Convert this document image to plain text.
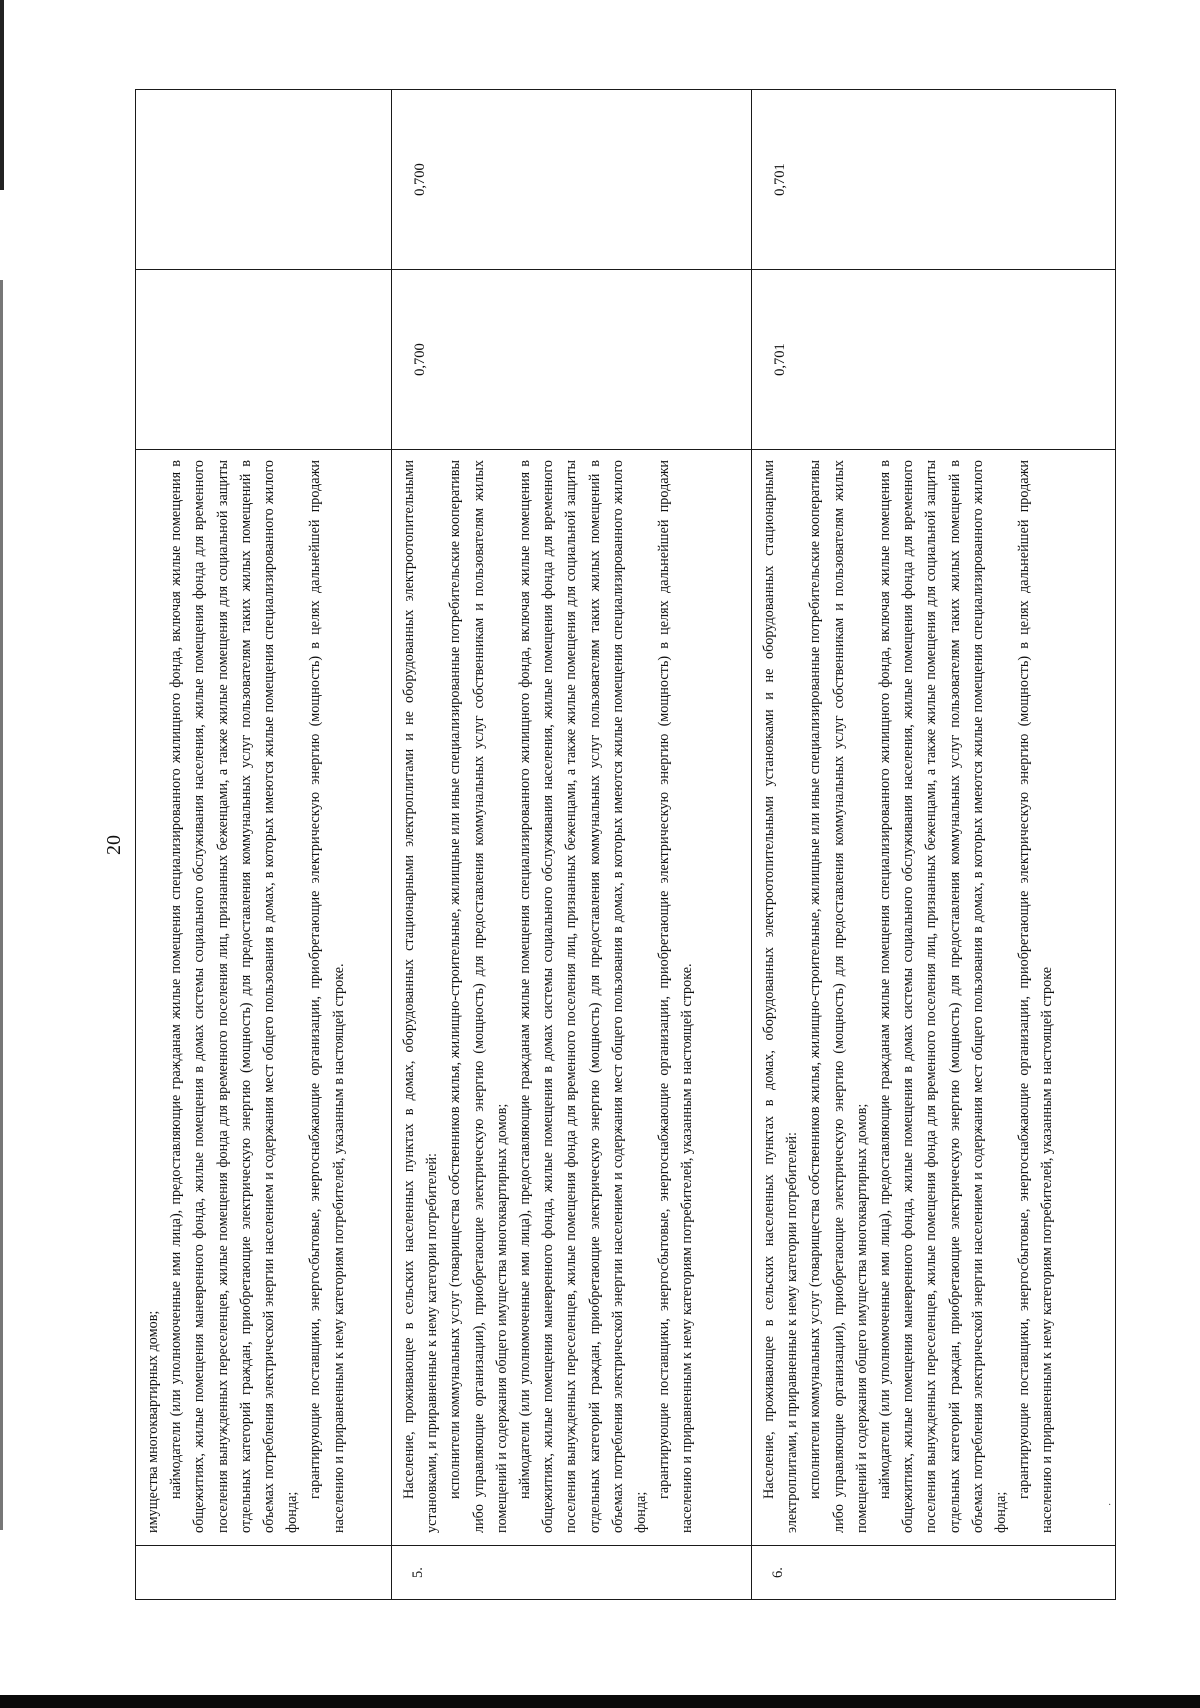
·
20

	имущества многоквартирных домов; наймодатели (или уполномоченные ими лица), предоставляющие гражданам жилые помещения специализированного жилищного фонда, включая жилые помещения в общежитиях, жилые помещения маневренного фонда, жилые помещения в домах системы социального обслуживания населения, жилые помещения фонда для временного поселения вынужденных переселенцев, жилые помещения фонда для временного поселения лиц, признанных беженцами, а также жилые помещения для социальной защиты отдельных категорий граждан, приобретающие электрическую энергию (мощность) для предоставления коммунальных услуг пользователям таких жилых помещений в объемах потребления электрической энергии населением и содержания мест общего пользования в домах, в которых имеются жилые помещения специализированного жилого фонда;

гарантирующие поставщики, энергосбытовые, энергоснабжающие организации, приобретающие электрическую энергию (мощность) в целях дальнейшей продажи населению и приравненным к нему категориям потребителей, указанным в настоящей строке.		

5.	Население, проживающее в сельских населенных пунктах в домах, оборудованных стационарными электроплитами и не оборудованных электроотопительными установками, и приравненные к нему категории потребителей: исполнители коммунальных услуг (товарищества собственников жилья, жилищно-строительные, жилищные или иные специализированные потребительские кооперативы либо управляющие организации), приобретающие электрическую энергию (мощность) для предоставления коммунальных услуг собственникам и пользователям жилых помещений и содержания общего имущества многоквартирных домов; наймодатели (или уполномоченные ими лица), предоставляющие гражданам жилые помещения специализированного жилищного фонда, включая жилые помещения в общежитиях, жилые помещения маневренного фонда, жилые помещения в домах системы социального обслуживания населения, жилые помещения фонда для временного поселения вынужденных переселенцев, жилые помещения фонда для временного поселения лиц, признанных беженцами, а также жилые помещения для социальной защиты отдельных категорий граждан, приобретающие электрическую энергию (мощность) для предоставления коммунальных услуг пользователям таких жилых помещений в объемах потребления электрической энергии населением и содержания мест общего пользования в домах, в которых имеются жилые помещения специализированного жилого фонда;

гарантирующие поставщики, энергосбытовые, энергоснабжающие организации, приобретающие электрическую энергию (мощность) в целях дальнейшей продажи населению и приравненным к нему категориям потребителей, указанным в настоящей строке.	0,700	0,700
6.	Население, проживающее в сельских населенных пунктах в домах, оборудованных электроотопительными установками и не оборудованных стационарными электроплитами, и приравненные к нему категории потребителей: исполнители коммунальных услуг (товарищества собственников жилья, жилищно-строительные, жилищные или иные специализированные потребительские кооперативы либо управляющие организации), приобретающие электрическую энергию (мощность) для предоставления коммунальных услуг собственникам и пользователям жилых помещений и содержания общего имущества многоквартирных домов; наймодатели (или уполномоченные ими лица), предоставляющие гражданам жилые помещения специализированного жилищного фонда, включая жилые помещения в общежитиях, жилые помещения маневренного фонда, жилые помещения в домах системы социального обслуживания населения, жилые помещения фонда для временного поселения вынужденных переселенцев, жилые помещения фонда для временного поселения лиц, признанных беженцами, а также жилые помещения для социальной защиты отдельных категорий граждан, приобретающие электрическую энергию (мощность) для предоставления коммунальных услуг пользователям таких жилых помещений в объемах потребления электрической энергии населением и содержания мест общего пользования в домах, в которых имеются жилые помещения специализированного жилого фонда;

гарантирующие поставщики, энергосбытовые, энергоснабжающие организации, приобретающие электрическую энергию (мощность) в целях дальнейшей продажи населению и приравненным к нему категориям потребителей, указанным в настоящей строке	0,701	0,701
